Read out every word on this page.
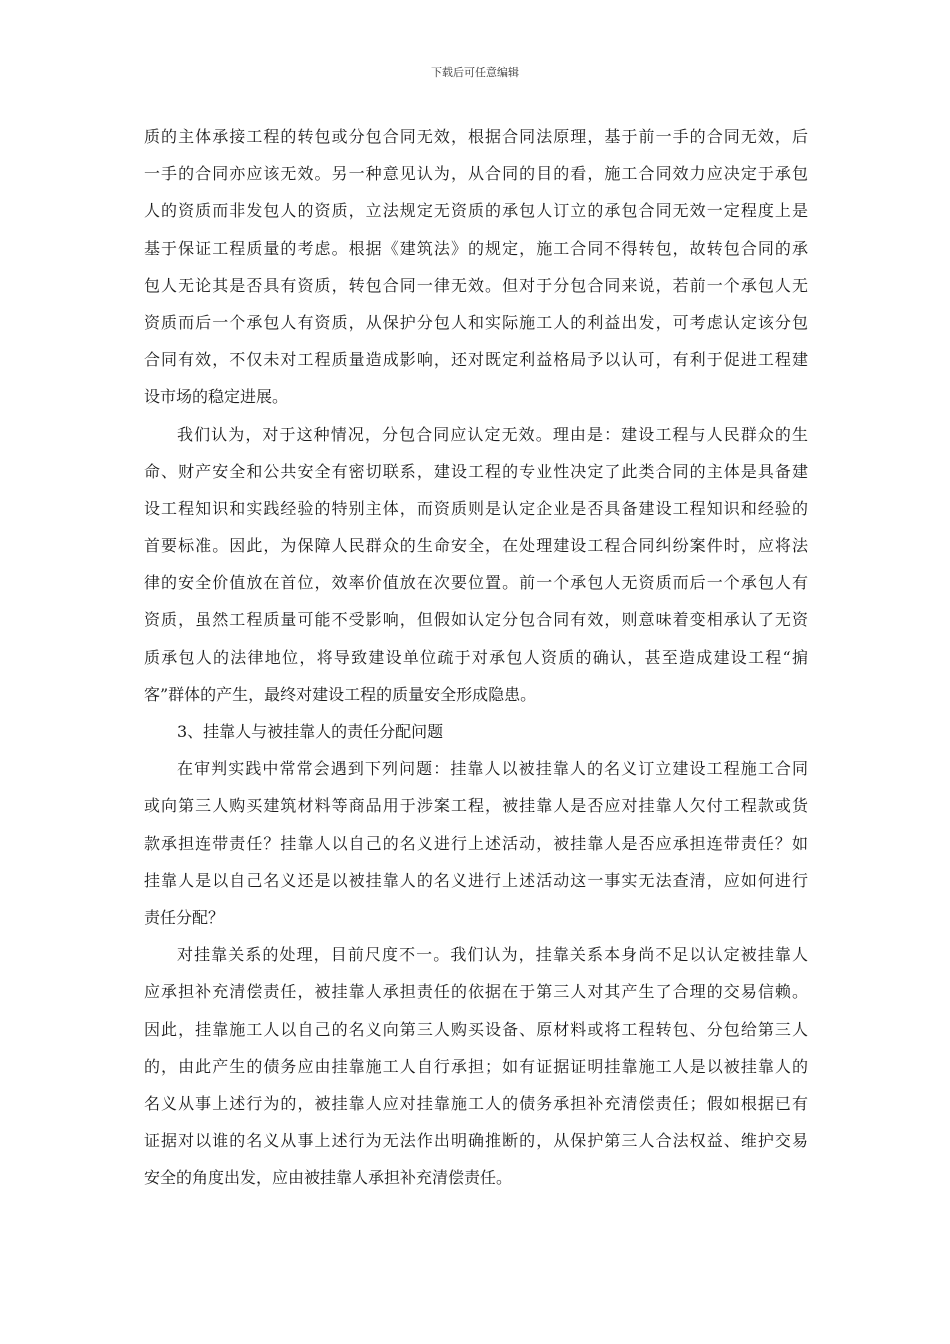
下载后可任意编辑
质的主体承接工程的转包或分包合同无效，根据合同法原理，基于前一手的合同无效，后
一手的合同亦应该无效。另一种意见认为，从合同的目的看，施工合同效力应决定于承包
人的资质而非发包人的资质，立法规定无资质的承包人订立的承包合同无效一定程度上是
基于保证工程质量的考虑。根据《建筑法》的规定，施工合同不得转包，故转包合同的承
包人无论其是否具有资质，转包合同一律无效。但对于分包合同来说，若前一个承包人无
资质而后一个承包人有资质，从保护分包人和实际施工人的利益出发，可考虑认定该分包
合同有效，不仅未对工程质量造成影响，还对既定利益格局予以认可，有利于促进工程建
设市场的稳定进展。
我们认为，对于这种情况，分包合同应认定无效。理由是：建设工程与人民群众的生
命、财产安全和公共安全有密切联系，建设工程的专业性决定了此类合同的主体是具备建
设工程知识和实践经验的特别主体，而资质则是认定企业是否具备建设工程知识和经验的
首要标准。因此，为保障人民群众的生命安全，在处理建设工程合同纠纷案件时，应将法
律的安全价值放在首位，效率价值放在次要位置。前一个承包人无资质而后一个承包人有
资质，虽然工程质量可能不受影响，但假如认定分包合同有效，则意味着变相承认了无资
质承包人的法律地位，将导致建设单位疏于对承包人资质的确认，甚至造成建设工程“掮
客”群体的产生，最终对建设工程的质量安全形成隐患。
3、挂靠人与被挂靠人的责任分配问题
在审判实践中常常会遇到下列问题：挂靠人以被挂靠人的名义订立建设工程施工合同
或向第三人购买建筑材料等商品用于涉案工程，被挂靠人是否应对挂靠人欠付工程款或货
款承担连带责任？挂靠人以自己的名义进行上述活动，被挂靠人是否应承担连带责任？如
挂靠人是以自己名义还是以被挂靠人的名义进行上述活动这一事实无法查清，应如何进行
责任分配？
对挂靠关系的处理，目前尺度不一。我们认为，挂靠关系本身尚不足以认定被挂靠人
应承担补充清偿责任，被挂靠人承担责任的依据在于第三人对其产生了合理的交易信赖。
因此，挂靠施工人以自己的名义向第三人购买设备、原材料或将工程转包、分包给第三人
的，由此产生的债务应由挂靠施工人自行承担；如有证据证明挂靠施工人是以被挂靠人的
名义从事上述行为的，被挂靠人应对挂靠施工人的债务承担补充清偿责任；假如根据已有
证据对以谁的名义从事上述行为无法作出明确推断的，从保护第三人合法权益、维护交易
安全的角度出发，应由被挂靠人承担补充清偿责任。
